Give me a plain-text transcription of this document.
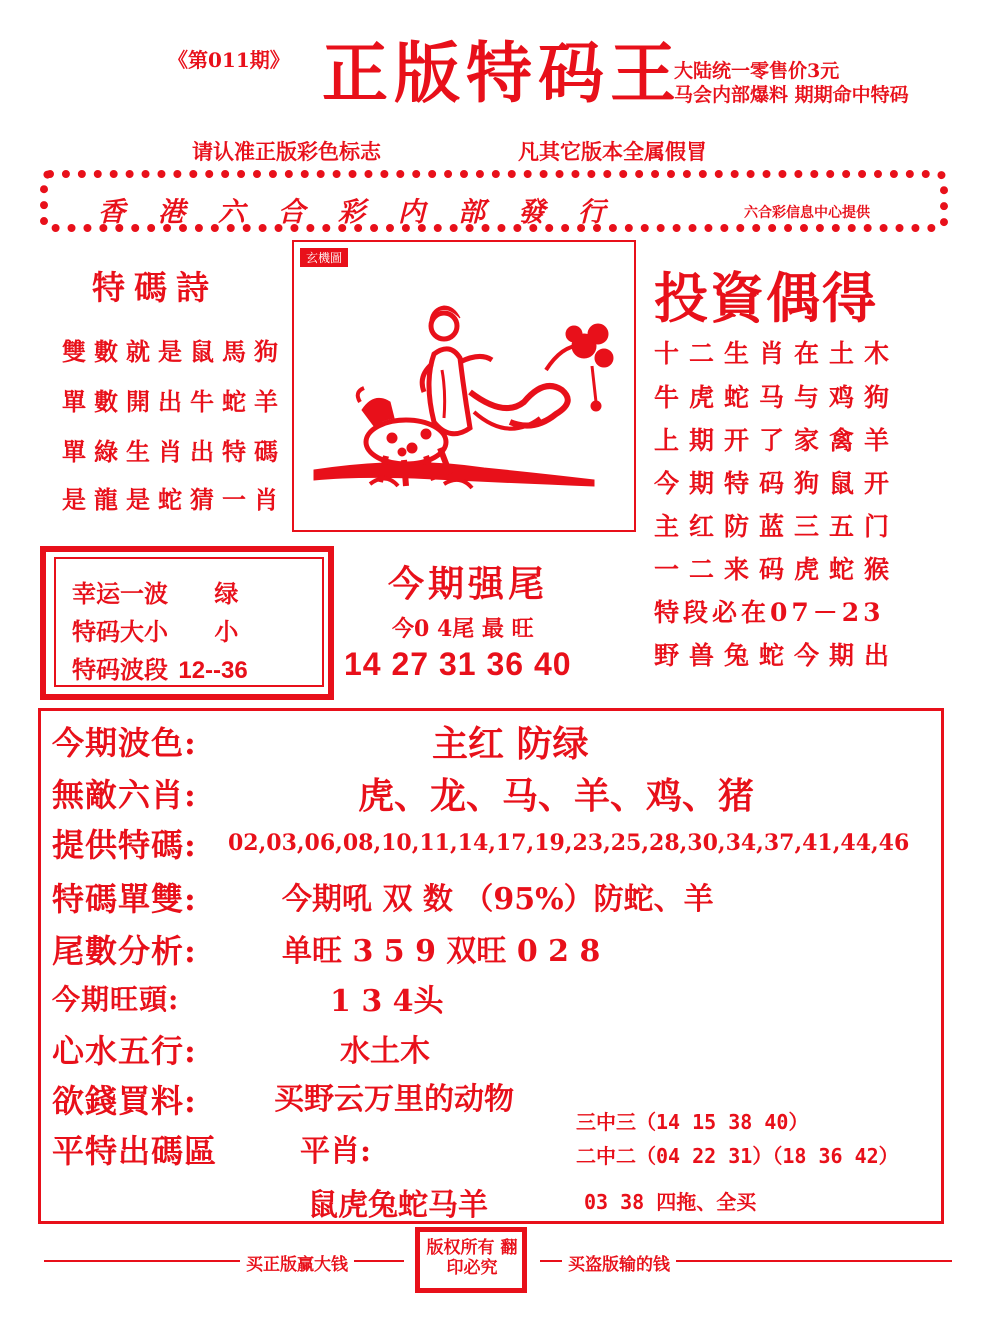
《第011期》 正版特码王
大陆统一零售价3元
马会内部爆料 期期命中特码
请认准正版彩色标志	凡其它版本全属假冒
香港六合彩内部發行	六合彩信息中心提供
特碼詩
雙數就是鼠馬狗
單數開出牛蛇羊
單綠生肖出特碼
是龍是蛇猜一肖
玄機圖
投資偶得
十二生肖在土木
牛虎蛇马与鸡狗
上期开了家禽羊
今期特码狗鼠开
主红防蓝三五门
一二来码虎蛇猴
特段必在07－23
野兽兔蛇今期出
幸运一波 绿
特码大小 小
特码波段 12--36
今期强尾
今0 4尾 最 旺
14 27 31 36 40
今期波色:	主红 防绿
無敵六肖:	虎、龙、马、羊、鸡、猪
提供特碼: 02,03,06,08,10,11,14,17,19,23,25,28,30,34,37,41,44,46
特碼單雙:	今期吼 双 数 （95%）防蛇、羊
尾數分析:	单旺 3 5 9 双旺 0 2 8
今期旺頭:	1 3 4头
心水五行:	水土木
欲錢買料:	买野云万里的动物
平特出碼區	平肖:
鼠虎兔蛇马羊
三中三（14 15 38 40）
二中二（04 22 31）（18 36 42）
03 38 四拖、全买
买正版赢大钱	买盗版输的钱
版权所有 翻印必究
